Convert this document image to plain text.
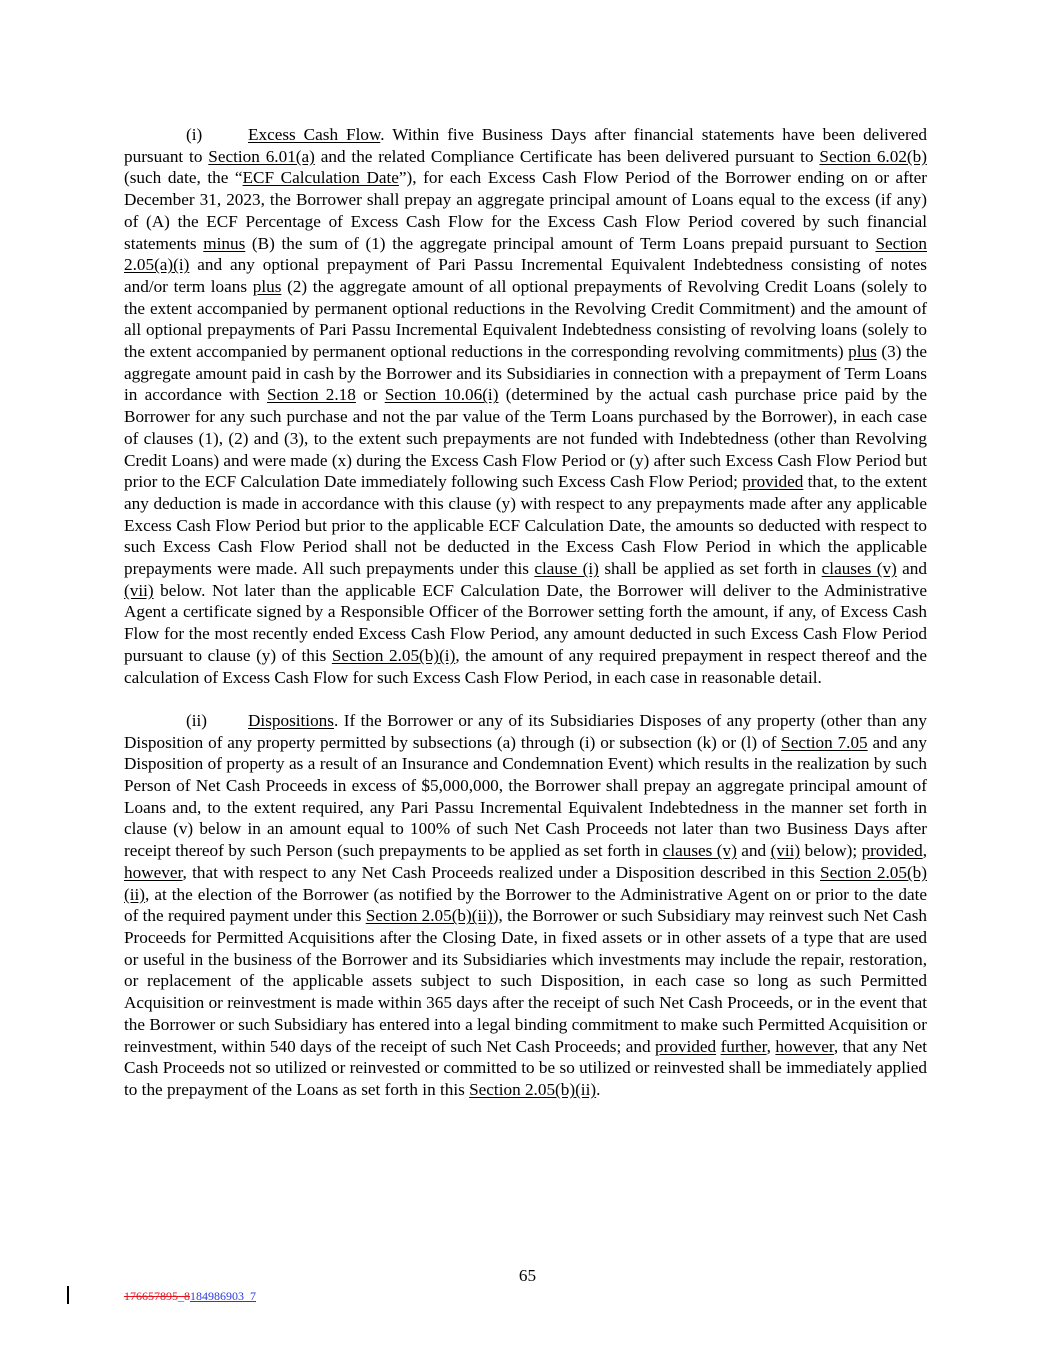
(i)	Excess Cash Flow. Within five Business Days after financial statements have been delivered pursuant to Section 6.01(a) and the related Compliance Certificate has been delivered pursuant to Section 6.02(b) (such date, the “ECF Calculation Date”), for each Excess Cash Flow Period of the Borrower ending on or after December 31, 2023, the Borrower shall prepay an aggregate principal amount of Loans equal to the excess (if any) of (A) the ECF Percentage of Excess Cash Flow for the Excess Cash Flow Period covered by such financial statements minus (B) the sum of (1) the aggregate principal amount of Term Loans prepaid pursuant to Section 2.05(a)(i) and any optional prepayment of Pari Passu Incremental Equivalent Indebtedness consisting of notes and/or term loans plus (2) the aggregate amount of all optional prepayments of Revolving Credit Loans (solely to the extent accompanied by permanent optional reductions in the Revolving Credit Commitment) and the amount of all optional prepayments of Pari Passu Incremental Equivalent Indebtedness consisting of revolving loans (solely to the extent accompanied by permanent optional reductions in the corresponding revolving commitments) plus (3) the aggregate amount paid in cash by the Borrower and its Subsidiaries in connection with a prepayment of Term Loans in accordance with Section 2.18 or Section 10.06(i) (determined by the actual cash purchase price paid by the Borrower for any such purchase and not the par value of the Term Loans purchased by the Borrower), in each case of clauses (1), (2) and (3), to the extent such prepayments are not funded with Indebtedness (other than Revolving Credit Loans) and were made (x) during the Excess Cash Flow Period or (y) after such Excess Cash Flow Period but prior to the ECF Calculation Date immediately following such Excess Cash Flow Period; provided that, to the extent any deduction is made in accordance with this clause (y) with respect to any prepayments made after any applicable Excess Cash Flow Period but prior to the applicable ECF Calculation Date, the amounts so deducted with respect to such Excess Cash Flow Period shall not be deducted in the Excess Cash Flow Period in which the applicable prepayments were made. All such prepayments under this clause (i) shall be applied as set forth in clauses (v) and (vii) below. Not later than the applicable ECF Calculation Date, the Borrower will deliver to the Administrative Agent a certificate signed by a Responsible Officer of the Borrower setting forth the amount, if any, of Excess Cash Flow for the most recently ended Excess Cash Flow Period, any amount deducted in such Excess Cash Flow Period pursuant to clause (y) of this Section 2.05(b)(i), the amount of any required prepayment in respect thereof and the calculation of Excess Cash Flow for such Excess Cash Flow Period, in each case in reasonable detail.

(ii) Dispositions. If the Borrower or any of its Subsidiaries Disposes of any property (other than any Disposition of any property permitted by subsections (a) through (i) or subsection (k) or (l) of Section 7.05 and any Disposition of property as a result of an Insurance and Condemnation Event) which results in the realization by such Person of Net Cash Proceeds in excess of $5,000,000, the Borrower shall prepay an aggregate principal amount of Loans and, to the extent required, any Pari Passu Incremental Equivalent Indebtedness in the manner set forth in clause (v) below in an amount equal to 100% of such Net Cash Proceeds not later than two Business Days after receipt thereof by such Person (such prepayments to be applied as set forth in clauses (v) and (vii) below); provided, however, that with respect to any Net Cash Proceeds realized under a Disposition described in this Section 2.05(b)(ii), at the election of the Borrower (as notified by the Borrower to the Administrative Agent on or prior to the date of the required payment under this Section 2.05(b)(ii)), the Borrower or such Subsidiary may reinvest such Net Cash Proceeds for Permitted Acquisitions after the Closing Date, in fixed assets or in other assets of a type that are used or useful in the business of the Borrower and its Subsidiaries which investments may include the repair, restoration, or replacement of the applicable assets subject to such Disposition, in each case so long as such Permitted Acquisition or reinvestment is made within 365 days after the receipt of such Net Cash Proceeds, or in the event that the Borrower or such Subsidiary has entered into a legal binding commitment to make such Permitted Acquisition or reinvestment, within 540 days of the receipt of such Net Cash Proceeds; and provided further, however, that any Net Cash Proceeds not so utilized or reinvested or committed to be so utilized or reinvested shall be immediately applied to the prepayment of the Loans as set forth in this Section 2.05(b)(ii).

65
176657895_8184986903_7
